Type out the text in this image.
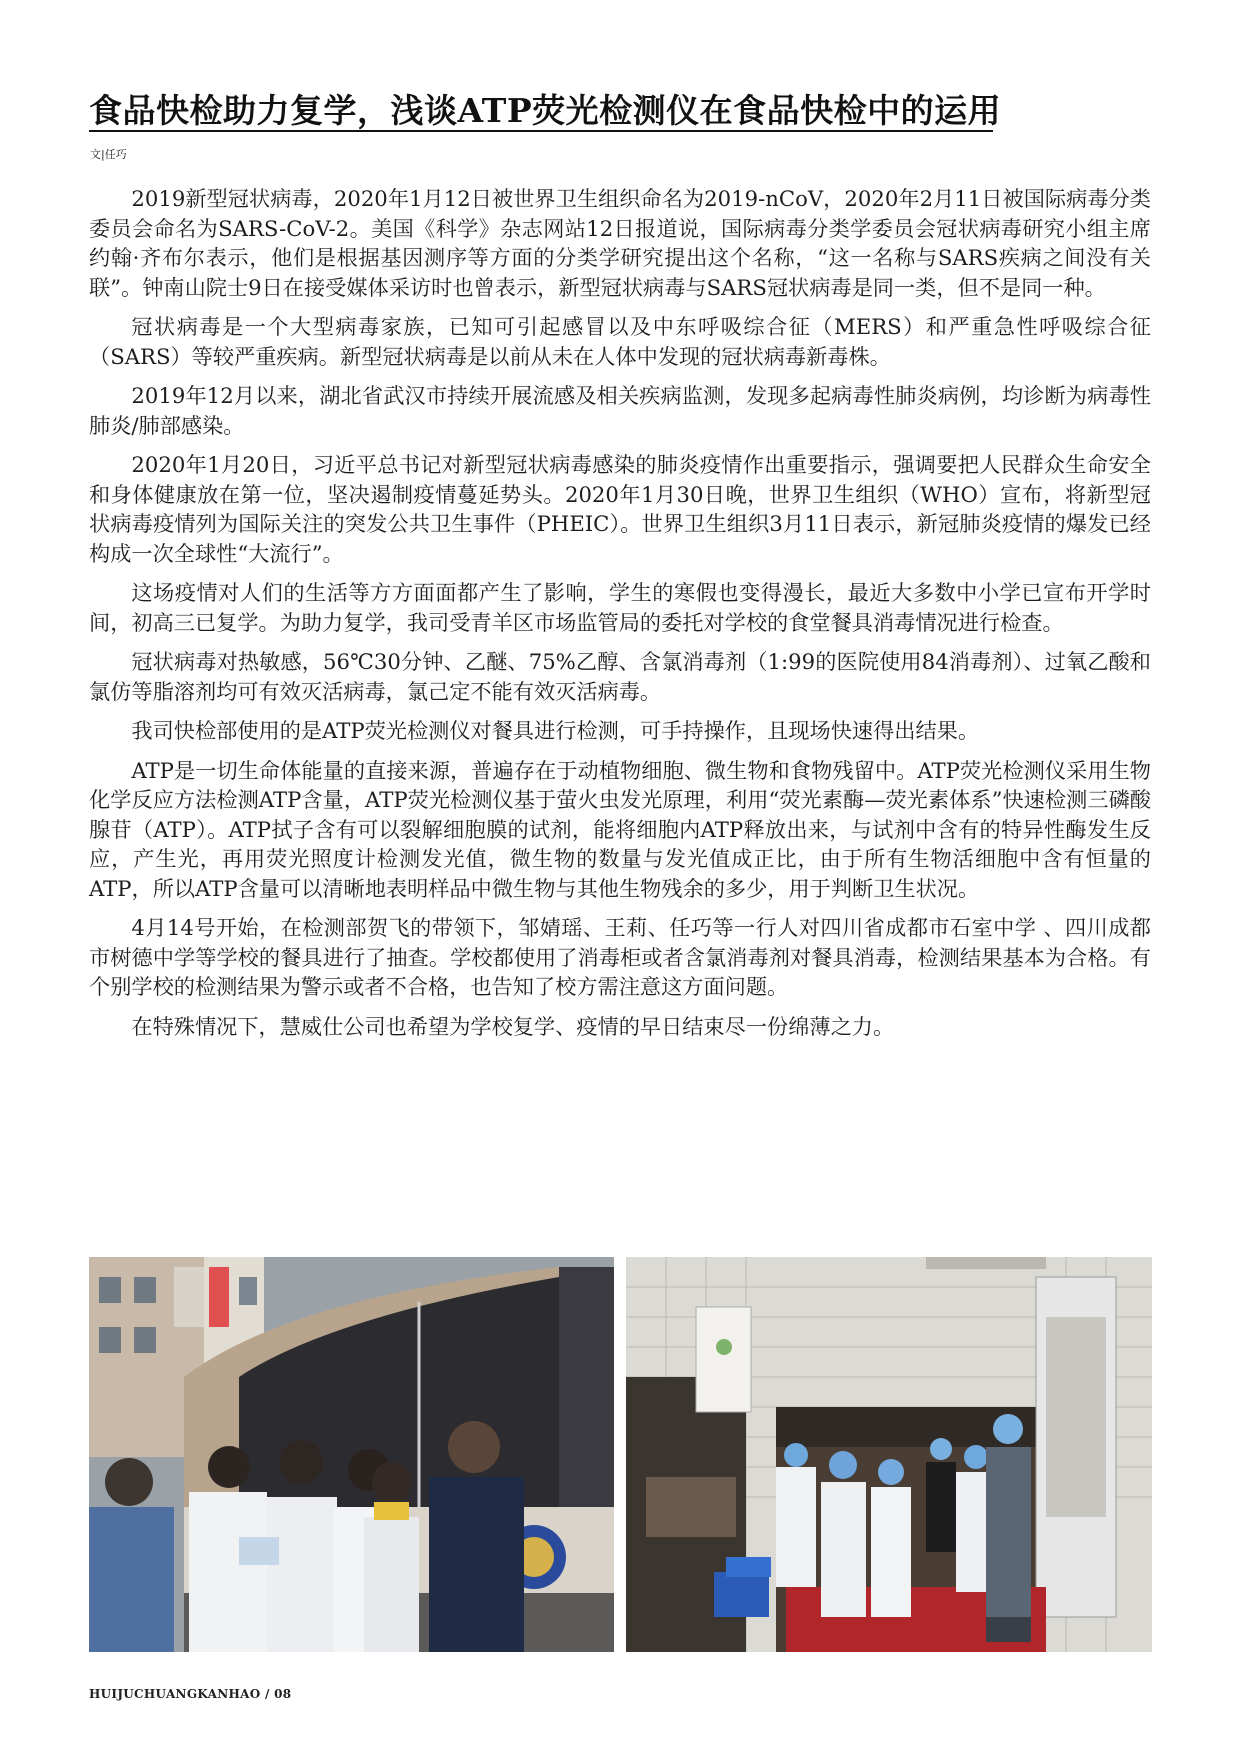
食品快检助力复学，浅谈ATP荧光检测仪在食品快检中的运用
文|任巧

2019新型冠状病毒，2020年1月12日被世界卫生组织命名为2019-nCoV，2020年2月11日被国际病毒分类委员会命名为SARS-CoV-2。美国《科学》杂志网站12日报道说，国际病毒分类学委员会冠状病毒研究小组主席约翰·齐布尔表示，他们是根据基因测序等方面的分类学研究提出这个名称，“这一名称与SARS疾病之间没有关联”。钟南山院士9日在接受媒体采访时也曾表示，新型冠状病毒与SARS冠状病毒是同一类，但不是同一种。

冠状病毒是一个大型病毒家族，已知可引起感冒以及中东呼吸综合征（MERS）和严重急性呼吸综合征（SARS）等较严重疾病。新型冠状病毒是以前从未在人体中发现的冠状病毒新毒株。

2019年12月以来，湖北省武汉市持续开展流感及相关疾病监测，发现多起病毒性肺炎病例，均诊断为病毒性肺炎/肺部感染。

2020年1月20日，习近平总书记对新型冠状病毒感染的肺炎疫情作出重要指示，强调要把人民群众生命安全和身体健康放在第一位，坚决遏制疫情蔓延势头。2020年1月30日晚，世界卫生组织（WHO）宣布，将新型冠状病毒疫情列为国际关注的突发公共卫生事件（PHEIC）。世界卫生组织3月11日表示，新冠肺炎疫情的爆发已经构成一次全球性“大流行”。

这场疫情对人们的生活等方方面面都产生了影响，学生的寒假也变得漫长，最近大多数中小学已宣布开学时间，初高三已复学。为助力复学，我司受青羊区市场监管局的委托对学校的食堂餐具消毒情况进行检查。

冠状病毒对热敏感，56℃30分钟、乙醚、75%乙醇、含氯消毒剂（1:99的医院使用84消毒剂）、过氧乙酸和氯仿等脂溶剂均可有效灭活病毒，氯己定不能有效灭活病毒。

我司快检部使用的是ATP荧光检测仪对餐具进行检测，可手持操作，且现场快速得出结果。

ATP是一切生命体能量的直接来源，普遍存在于动植物细胞、微生物和食物残留中。ATP荧光检测仪采用生物化学反应方法检测ATP含量，ATP荧光检测仪基于萤火虫发光原理，利用“荧光素酶—荧光素体系”快速检测三磷酸腺苷（ATP）。ATP拭子含有可以裂解细胞膜的试剂，能将细胞内ATP释放出来，与试剂中含有的特异性酶发生反应，产生光，再用荧光照度计检测发光值，微生物的数量与发光值成正比，由于所有生物活细胞中含有恒量的ATP，所以ATP含量可以清晰地表明样品中微生物与其他生物残余的多少，用于判断卫生状况。

4月14号开始，在检测部贺飞的带领下，邹婧瑶、王莉、任巧等一行人对四川省成都市石室中学 、四川成都市树德中学等学校的餐具进行了抽查。学校都使用了消毒柜或者含氯消毒剂对餐具消毒，检测结果基本为合格。有个别学校的检测结果为警示或者不合格，也告知了校方需注意这方面问题。

在特殊情况下，慧威仕公司也希望为学校复学、疫情的早日结束尽一份绵薄之力。

HUIJUCHUANGKANHAO / 08
